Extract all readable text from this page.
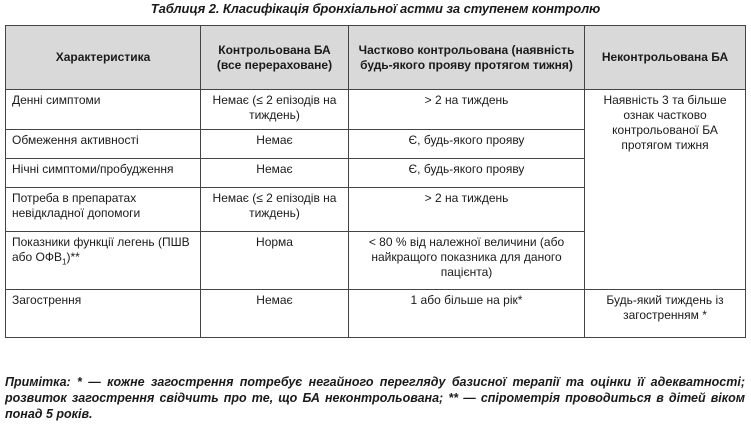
Таблиця 2. Класифікація бронхіальної астми за ступенем контролю
Характеристика	Контрольована БА (все перераховане)	Частково контрольована (наявність будь-якого прояву протягом тижня)	Неконтрольована БА
Денні симптоми	Немає (≤ 2 епізодів на тиждень)	> 2 на тиждень	Наявність 3 та більше ознак частково контрольованої БА протягом тижня
Обмеження активності	Немає	Є, будь-якого прояву	
Нічні симптоми/пробудження	Немає	Є, будь-якого прояву	
Потреба в препаратах невідкладної допомоги	Немає (≤ 2 епізодів на тиждень)	> 2 на тиждень	
Показники функції легень (ПШВ або $ОФВ_1)**$	Норма	< 80 % від належної величини (або найкращого показника для даного пацієнта)	
Загострення	Немає	1 або більше на рік*	Будь-який тиждень із загостренням *
Примітка: * — кожне загострення потребує негайного перегляду базисної терапії та оцінки її адекватності; розвиток загострення свідчить про те, що БА неконтрольована; ** — спірометрія проводиться в дітей віком понад 5 років.
